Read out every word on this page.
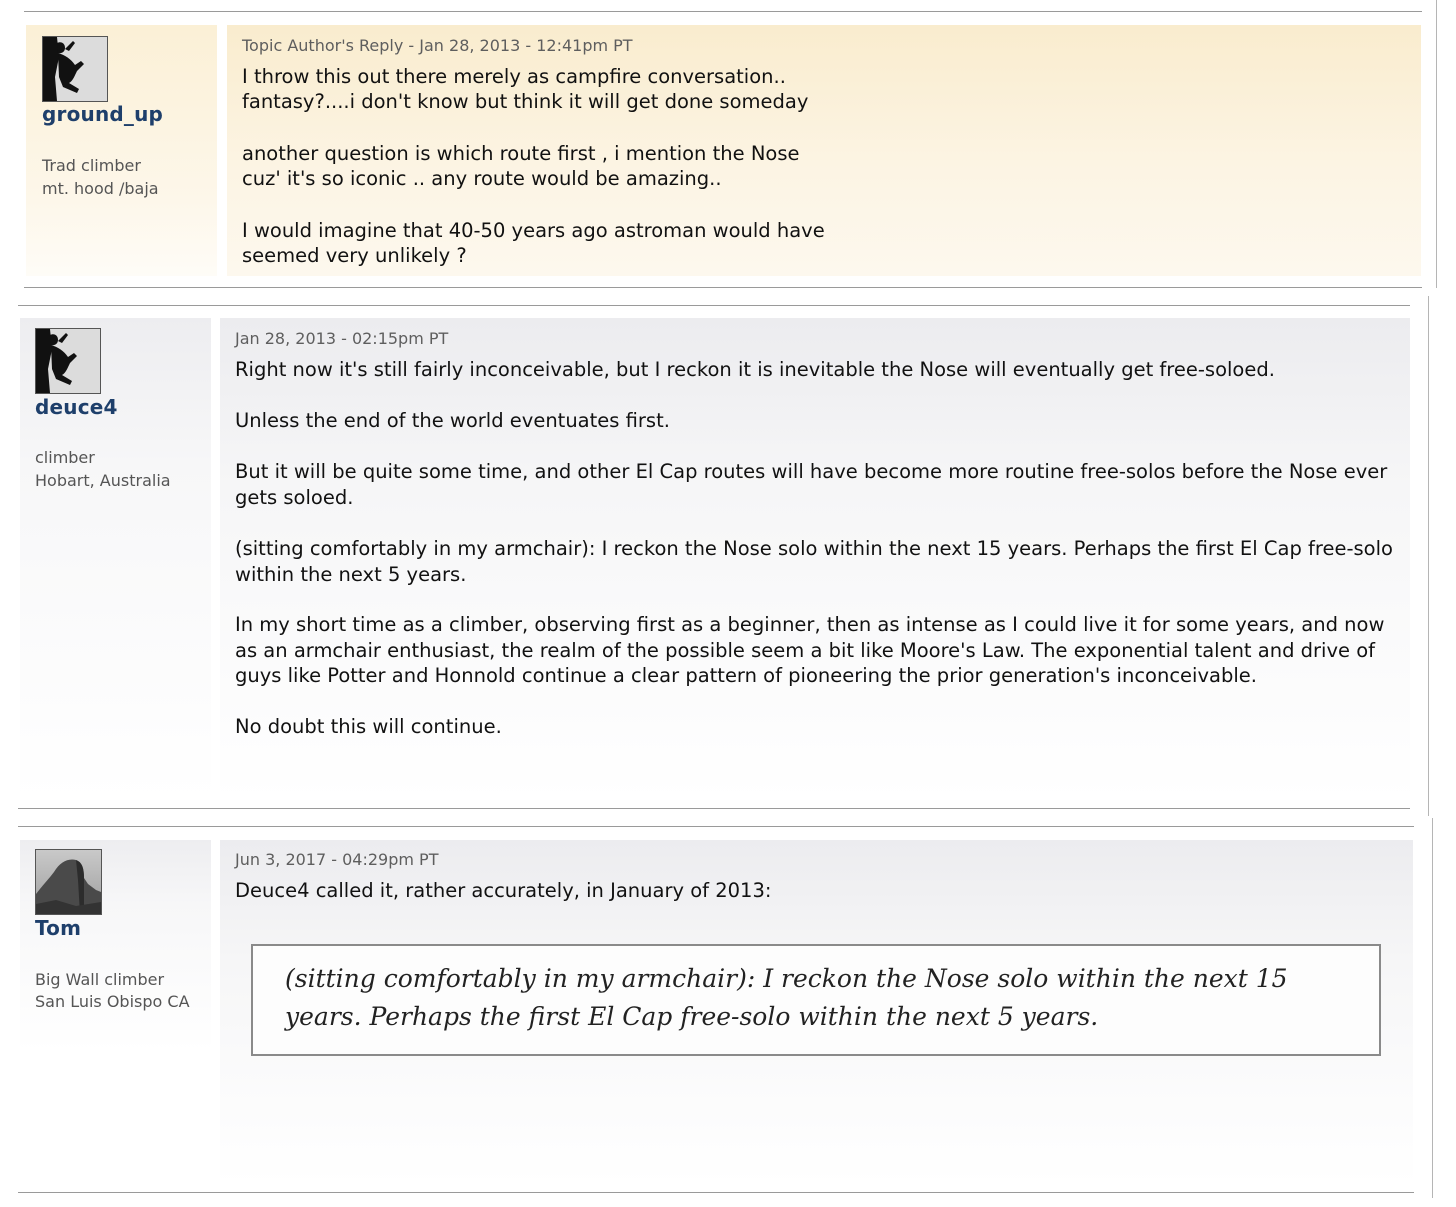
ground_up
Trad climber
mt. hood /baja
Topic Author's Reply - Jan 28, 2013 - 12:41pm PT

I throw this out there merely as campfire conversation..

fantasy?....i don't know but think it will get done someday

another question is which route first , i mention the Nose

cuz' it's so iconic .. any route would be amazing..

I would imagine that 40-50 years ago astroman would have

seemed very unlikely ?

deuce4
climber
Hobart, Australia
Jan 28, 2013 - 02:15pm PT

Right now it's still fairly inconceivable, but I reckon it is inevitable the Nose will eventually get free-soloed.

Unless the end of the world eventuates first.

But it will be quite some time, and other El Cap routes will have become more routine free-solos before the Nose ever gets soloed.

(sitting comfortably in my armchair): I reckon the Nose solo within the next 15 years. Perhaps the first El Cap free-solo within the next 5 years.

In my short time as a climber, observing first as a beginner, then as intense as I could live it for some years, and now as an armchair enthusiast, the realm of the possible seem a bit like Moore's Law. The exponential talent and drive of guys like Potter and Honnold continue a clear pattern of pioneering the prior generation's inconceivable.

No doubt this will continue.

Tom
Big Wall climber
San Luis Obispo CA
Jun 3, 2017 - 04:29pm PT

Deuce4 called it, rather accurately, in January of 2013:

(sitting comfortably in my armchair): I reckon the Nose solo within the next 15 years. Perhaps the first El Cap free-solo within the next 5 years.
